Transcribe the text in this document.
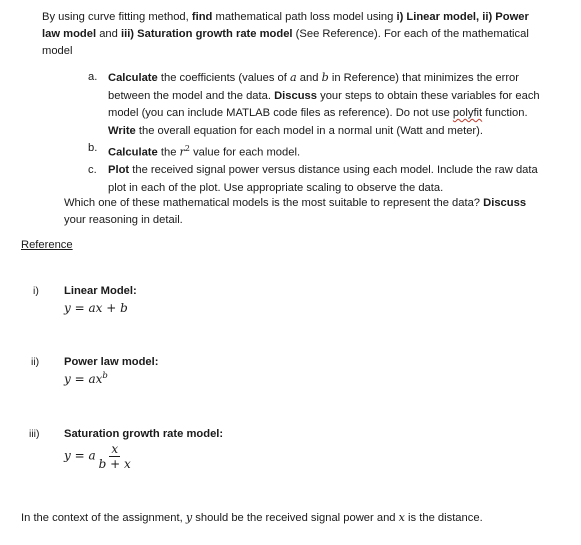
By using curve fitting method, find mathematical path loss model using i) Linear model, ii) Power

law model and iii) Saturation growth rate model (See Reference). For each of the mathematical

model

a. Calculate the coefficients (values of a and b in Reference) that minimizes the error

between the model and the data. Discuss your steps to obtain these variables for each

model (you can include MATLAB code files as reference). Do not use polyfit function.

Write the overall equation for each model in a normal unit (Watt and meter).

b. Calculate the $r^2$ value for each model.

c. Plot the received signal power versus distance using each model. Include the raw data

plot in each of the plot. Use appropriate scaling to observe the data.

Which one of these mathematical models is the most suitable to represent the data? Discuss

your reasoning in detail.

Reference
i) Linear Model:
y = ax + b
ii) Power law model:
$y = ax^b$
iii) Saturation growth rate model:
y = a $\frac{x}{b + x}$
In the context of the assignment, y should be the received signal power and x is the distance.
